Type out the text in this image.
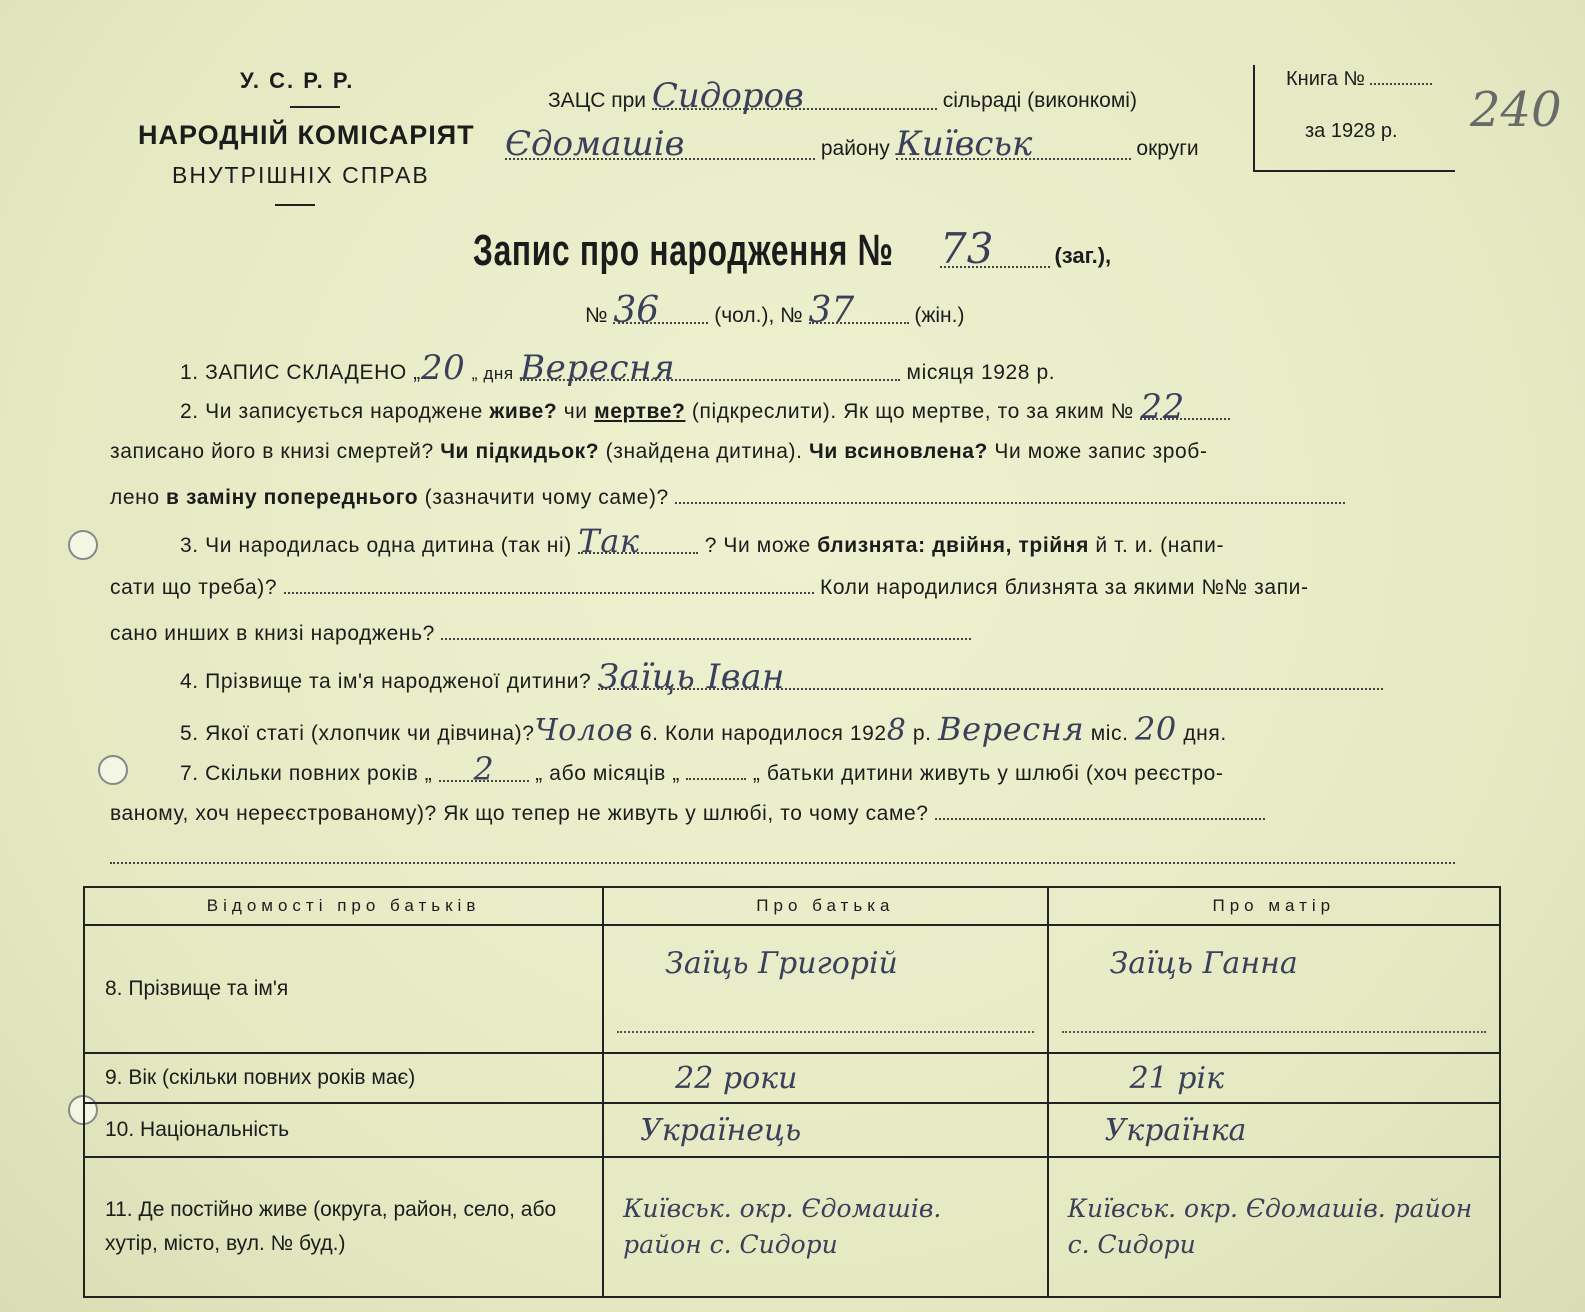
У. С. Р. Р.
НАРОДНІЙ КОМІСАРІЯТ
ВНУТРІШНІХ СПРАВ
ЗАЦС при Сидоров	сільраді (виконкомі)
Єдомашів	району Київськ	округи
Книга №
за 1928 р. 240
Запис про народження № 73	(заг.),
№ 36	(чол.), № 37	(жін.)
1. ЗАПИС СКЛАДЕНО „20 „ дня Вересня	місяця 1928 р.
2. Чи записується народжене живе? чи мертве? (підкреслити). Як що мертве, то за яким № 22
записано його в книзі смертей? Чи підкидьок? (знайдена дитина). Чи всиновлена? Чи може запис зроб-
лено в заміну попереднього (зазначити чому саме)?
3. Чи народилась одна дитина (так ні) Так	? Чи може близнята: двійня, трійня й т. и. (напи-
сати що треба)?	Коли народилися близнята за якими №№ запи-
сано инших в книзі народжень?
4. Прізвище та ім'я народженої дитини? Заїць Іван
5. Якої статі (хлопчик чи дівчина)?Чолов 6. Коли народилося 1928 р. Вересня міс. 20 дня.
7. Скільки повних років „ 2 „ або місяців „	„ батьки дитини живуть у шлюбі (хоч реєстро-
ваному, хоч нереєстрованому)? Як що тепер не живуть у шлюбі, то чому саме?
Відомості про батьків	Про батька	Про матір
8. Прізвище та ім'я	Заїць Григорій	Заїць Ганна

9. Вік (скільки повних років має)	22 роки	21 рік

10. Національність	Українець	Українка

11. Де постійно живе (округа, район, село, або хутір, місто, вул. № буд.)	Київськ. окр. Єдомашів. район с. Сидори	Київськ. окр. Єдомашів. район с. Сидори
